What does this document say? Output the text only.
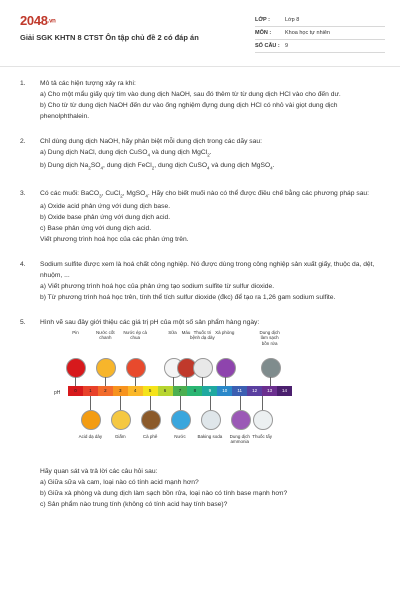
2048.vn
Giải SGK KHTN 8 CTST Ôn tập chủ đề 2 có đáp án
LỚP :	Lớp 8
MÔN :	Khoa học tự nhiên
SỐ CÂU : 9
1.	Mô tả các hiện tượng xảy ra khi:

a) Cho một mẩu giấy quỳ tím vào dung dịch NaOH, sau đó thêm từ từ dung dịch HCl vào cho đến dư.

b) Cho từ từ dung dịch NaOH đến dư vào ống nghiệm đựng dung dịch HCl có nhỏ vài giọt dung dịch phenolphthalein.

2.	Chỉ dùng dung dịch NaOH, hãy phân biệt mỗi dung dịch trong các dãy sau:

a) Dung dịch NaCl, dung dịch CuSO$_4$ và dung dịch MgCl$_2$.

b) Dung dịch $Na_2SO_4$, dung dịch FeCl$_2$, dung dịch CuSO$_4$ và dung dịch MgSO$_4$.

3.	Có các muối: BaCO$_3$, CuCl$_2$, MgSO$_4$. Hãy cho biết muối nào có thể được điều chế bằng các phương pháp sau:

a) Oxide acid phản ứng với dung dịch base.

b) Oxide base phản ứng với dung dịch acid.

c) Base phản ứng với dung dịch acid.

Viết phương trình hoá học của các phản ứng trên.

4.	Sodium sulfite được xem là hoá chất công nghiệp. Nó được dùng trong công nghiệp sản xuất giấy, thuộc da, dệt, nhuộm, ...

a) Viết phương trình hoá học của phản ứng tạo sodium sulfite từ sulfur dioxide.

b) Từ phương trình hoá học trên, tính thể tích sulfur dioxide (đkc) để tạo ra 1,26 gam sodium sulfite.

5.	Hình vẽ sau đây giới thiệu các giá trị pH của một số sản phẩm hàng ngày:

pH	0	1	2	3	4	5	6	7	8	9	10	11	12	13	14
Pin	Nước cốt chanh
Nước ép cà chua
Sữa	Máu Thuốc tri bệnh dạ dày
Xà phòng	Dung dịch làm sạch bồn rửa
Acid dạ dày	Giấm	Cà phê	Nước	Baking soda	Dung dịch ammonia
Thuốc tẩy

Hãy quan sát và trả lời các câu hỏi sau:

a) Giữa sữa và cam, loại nào có tính acid mạnh hơn?

b) Giữa xà phòng và dung dịch làm sạch bồn rửa, loại nào có tính base mạnh hơn?

c) Sản phẩm nào trung tính (không có tính acid hay tính base)?
